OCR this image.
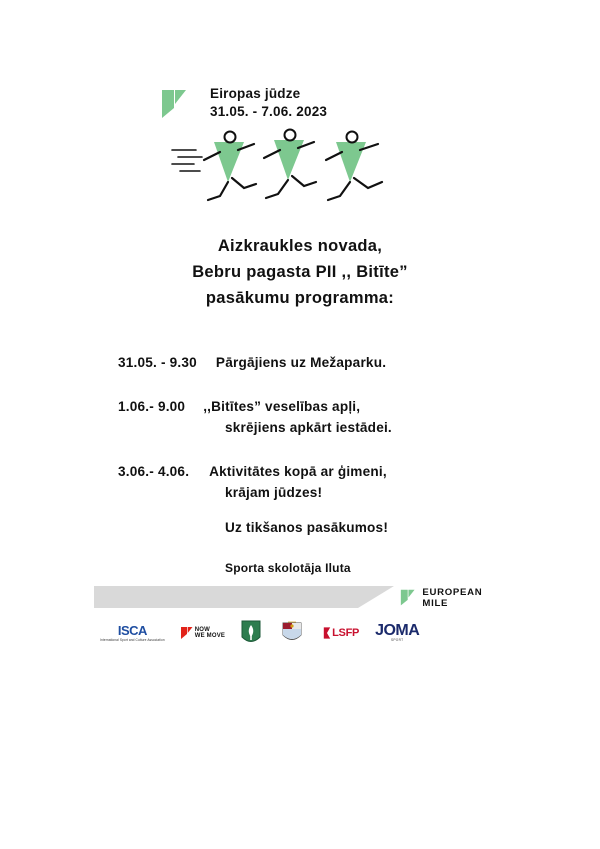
Eiropas jūdze
31.05. - 7.06. 2023
Aizkraukles novada,
Bebru pagasta PII ,, Bitīte”
pasākumu programma:
31.05. - 9.30 Pārgājiens uz Mežaparku.
1.06.- 9.00 ,,Bitītes” veselības apļi,
skrējiens apkārt iestādei.
3.06.- 4.06. Aktivitātes kopā ar ģimeni,
krājam jūdzes!
Uz tikšanos pasākumos!
Sporta skolotāja Iluta
EUROPEAN MILE
ISCA
International Sport and Culture Association
NOW
WE MOVE	LSFP JOMA
SPORT
